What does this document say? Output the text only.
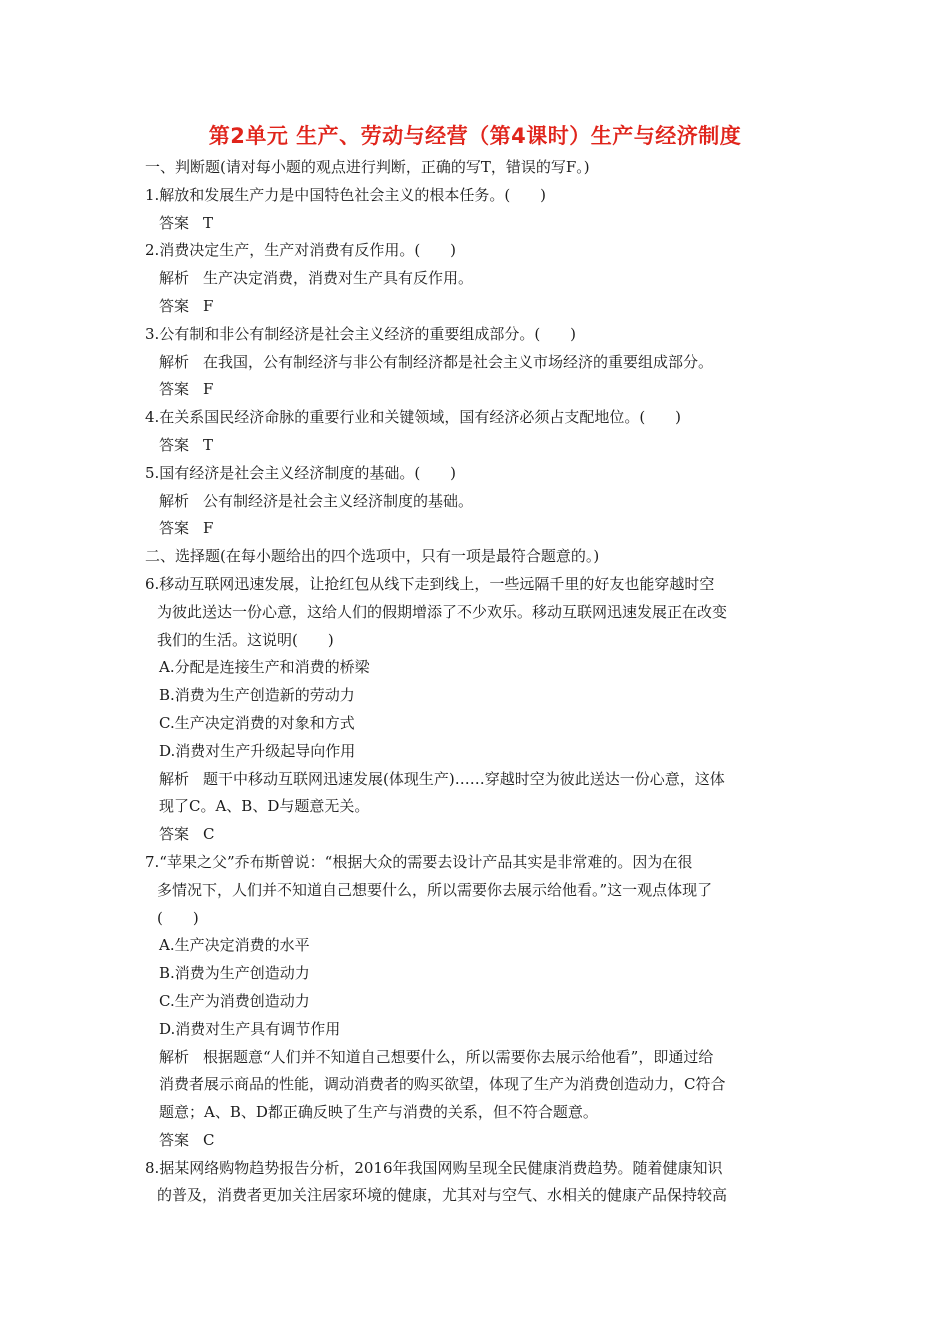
第2单元 生产、劳动与经营（第4课时）生产与经济制度

一、判断题(请对每小题的观点进行判断，正确的写T，错误的写F。)

1.解放和发展生产力是中国特色社会主义的根本任务。(　　)

答案 T

2.消费决定生产，生产对消费有反作用。(　　)

解析 生产决定消费，消费对生产具有反作用。

答案 F

3.公有制和非公有制经济是社会主义经济的重要组成部分。(　　)

解析 在我国，公有制经济与非公有制经济都是社会主义市场经济的重要组成部分。

答案 F

4.在关系国民经济命脉的重要行业和关键领域，国有经济必须占支配地位。(　　)

答案 T

5.国有经济是社会主义经济制度的基础。(　　)

解析 公有制经济是社会主义经济制度的基础。

答案 F

二、选择题(在每小题给出的四个选项中，只有一项是最符合题意的。)

6.移动互联网迅速发展，让抢红包从线下走到线上，一些远隔千里的好友也能穿越时空

为彼此送达一份心意，这给人们的假期增添了不少欢乐。移动互联网迅速发展正在改变

我们的生活。这说明(　　)

A.分配是连接生产和消费的桥梁

B.消费为生产创造新的劳动力

C.生产决定消费的对象和方式

D.消费对生产升级起导向作用

解析 题干中移动互联网迅速发展(体现生产)……穿越时空为彼此送达一份心意，这体

现了C。A、B、D与题意无关。

答案 C

7.“苹果之父”乔布斯曾说：“根据大众的需要去设计产品其实是非常难的。因为在很

多情况下，人们并不知道自己想要什么，所以需要你去展示给他看。”这一观点体现了

(　　)

A.生产决定消费的水平

B.消费为生产创造动力

C.生产为消费创造动力

D.消费对生产具有调节作用

解析 根据题意“人们并不知道自己想要什么，所以需要你去展示给他看”，即通过给

消费者展示商品的性能，调动消费者的购买欲望，体现了生产为消费创造动力，C符合

题意；A、B、D都正确反映了生产与消费的关系，但不符合题意。

答案 C

8.据某网络购物趋势报告分析，2016年我国网购呈现全民健康消费趋势。随着健康知识

的普及，消费者更加关注居家环境的健康，尤其对与空气、水相关的健康产品保持较高
